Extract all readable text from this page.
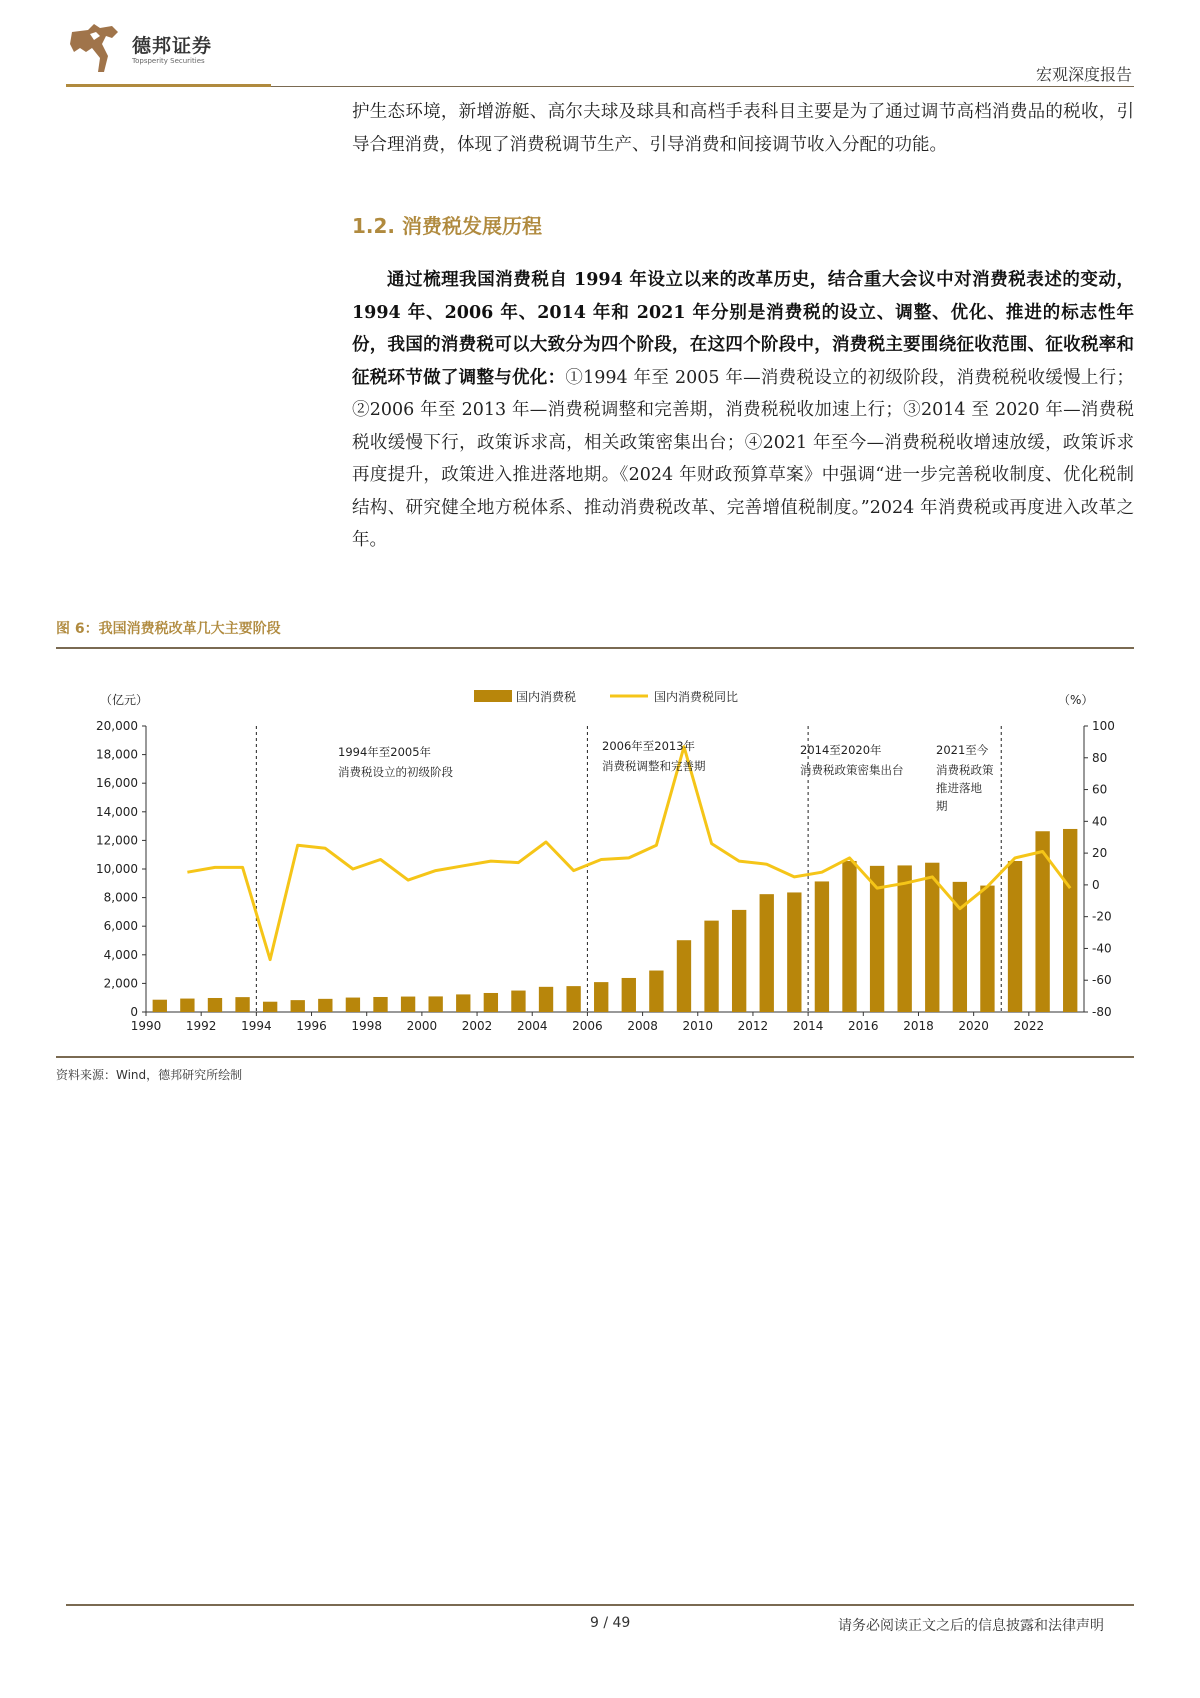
德邦证券
Topsperity Securities
宏观深度报告
护生态环境，新增游艇、高尔夫球及球具和高档手表科目主要是为了通过调节高档消费品的税收，引导合理消费，体现了消费税调节生产、引导消费和间接调节收入分配的功能。
1.2. 消费税发展历程
通过梳理我国消费税自 1994 年设立以来的改革历史，结合重大会议中对消费税表述的变动，1994 年、2006 年、2014 年和 2021 年分别是消费税的设立、调整、优化、推进的标志性年份，我国的消费税可以大致分为四个阶段，在这四个阶段中，消费税主要围绕征收范围、征收税率和征税环节做了调整与优化：①1994 年至 2005 年—消费税设立的初级阶段，消费税税收缓慢上行；②2006 年至 2013 年—消费税调整和完善期，消费税税收加速上行；③2014 至 2020 年—消费税税收缓慢下行，政策诉求高，相关政策密集出台；④2021 年至今—消费税税收增速放缓，政策诉求再度提升，政策进入推进落地期。《2024 年财政预算草案》中强调“进一步完善税收制度、优化税制结构、研究健全地方税体系、推动消费税改革、完善增值税制度。”2024 年消费税或再度进入改革之年。
图 6：我国消费税改革几大主要阶段
0
2,000
4,000
6,000
8,000
10,000
12,000
14,000
16,000
18,000
20,000
-80
-60
-40
-20
0
20
40
60
80
100
（亿元）	（%）
1990 1992 1994 1996 1998 2000 2002 2004 2006 2008 2010 2012 2014 2016 2018 2020 2022
国内消费税	国内消费税同比
1994年至2005年
消费税设立的初级阶段
2006年至2013年
消费税调整和完善期
2014至2020年
消费税政策密集出台
2021至今
消费税政策推进落地期
资料来源：Wind，德邦研究所绘制
9 / 49	请务必阅读正文之后的信息披露和法律声明
